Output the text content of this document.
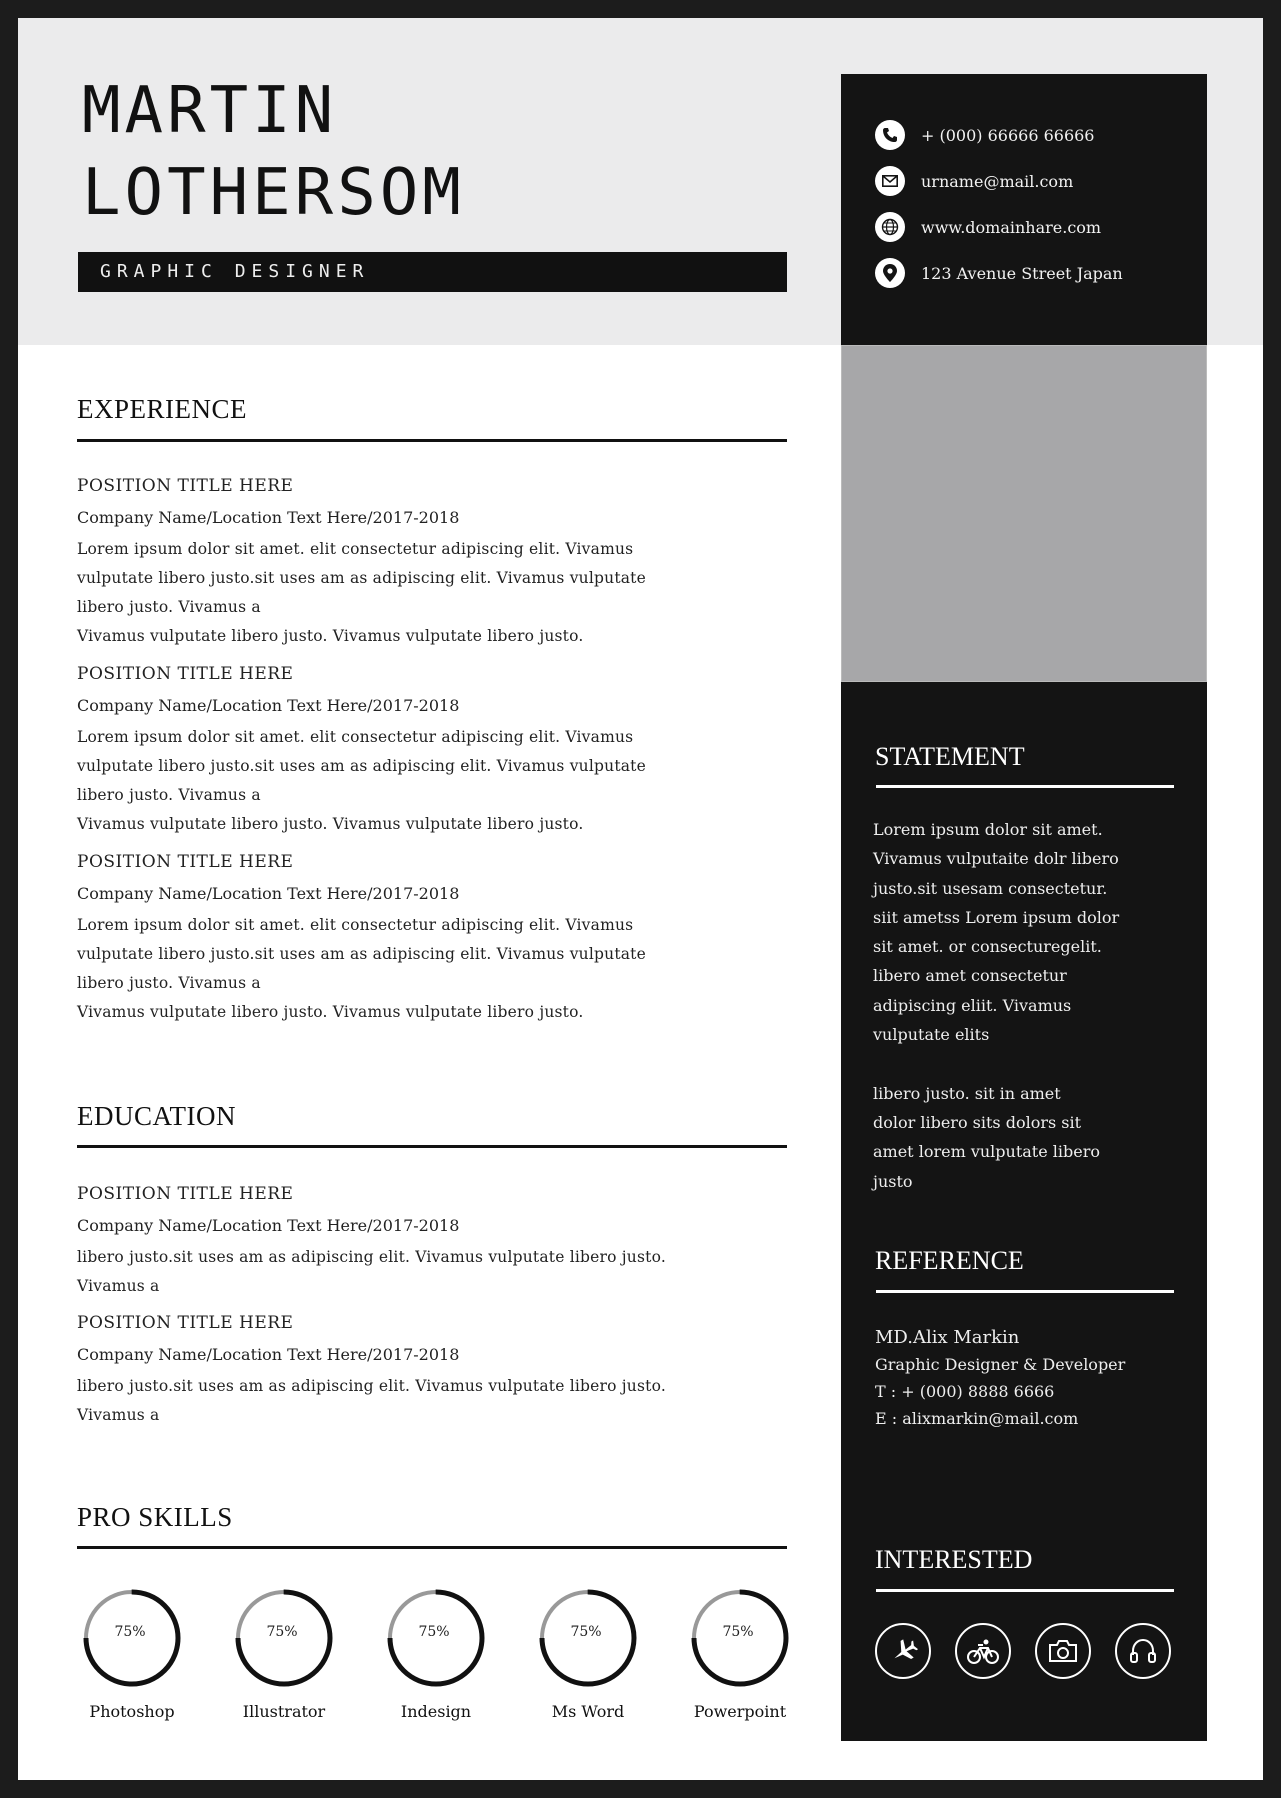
MARTIN
LOTHERSOM
GRAPHIC DESIGNER
+ (000) 66666 66666
urname@mail.com
www.domainhare.com
123 Avenue Street Japan
STATEMENT
Lorem ipsum dolor sit amet.
Vivamus vulputaite dolr libero
justo.sit usesam consectetur.
siit ametss Lorem ipsum dolor
sit amet. or consecturegelit.
libero amet consectetur
adipiscing eliit. Vivamus
vulputate elits

libero justo. sit in amet
dolor libero sits dolors sit
amet lorem vulputate libero
justo
REFERENCE
MD.Alix Markin
Graphic Designer & Developer
T : + (000) 8888 6666
E : alixmarkin@mail.com
INTERESTED
EXPERIENCE
POSITION TITLE HERE
Company Name/Location Text Here/2017-2018
Lorem ipsum dolor sit amet. elit consectetur adipiscing elit. Vivamus
vulputate libero justo.sit uses am as adipiscing elit. Vivamus vulputate
libero justo. Vivamus a
Vivamus vulputate libero justo. Vivamus vulputate libero justo.
POSITION TITLE HERE
Company Name/Location Text Here/2017-2018
Lorem ipsum dolor sit amet. elit consectetur adipiscing elit. Vivamus
vulputate libero justo.sit uses am as adipiscing elit. Vivamus vulputate
libero justo. Vivamus a
Vivamus vulputate libero justo. Vivamus vulputate libero justo.
POSITION TITLE HERE
Company Name/Location Text Here/2017-2018
Lorem ipsum dolor sit amet. elit consectetur adipiscing elit. Vivamus
vulputate libero justo.sit uses am as adipiscing elit. Vivamus vulputate
libero justo. Vivamus a
Vivamus vulputate libero justo. Vivamus vulputate libero justo.
EDUCATION
POSITION TITLE HERE
Company Name/Location Text Here/2017-2018
libero justo.sit uses am as adipiscing elit. Vivamus vulputate libero justo.
Vivamus a
POSITION TITLE HERE
Company Name/Location Text Here/2017-2018
libero justo.sit uses am as adipiscing elit. Vivamus vulputate libero justo.
Vivamus a
PRO SKILLS
75%
Photoshop
75%
Illustrator
75%
Indesign
75%
Ms Word
75%
Powerpoint
